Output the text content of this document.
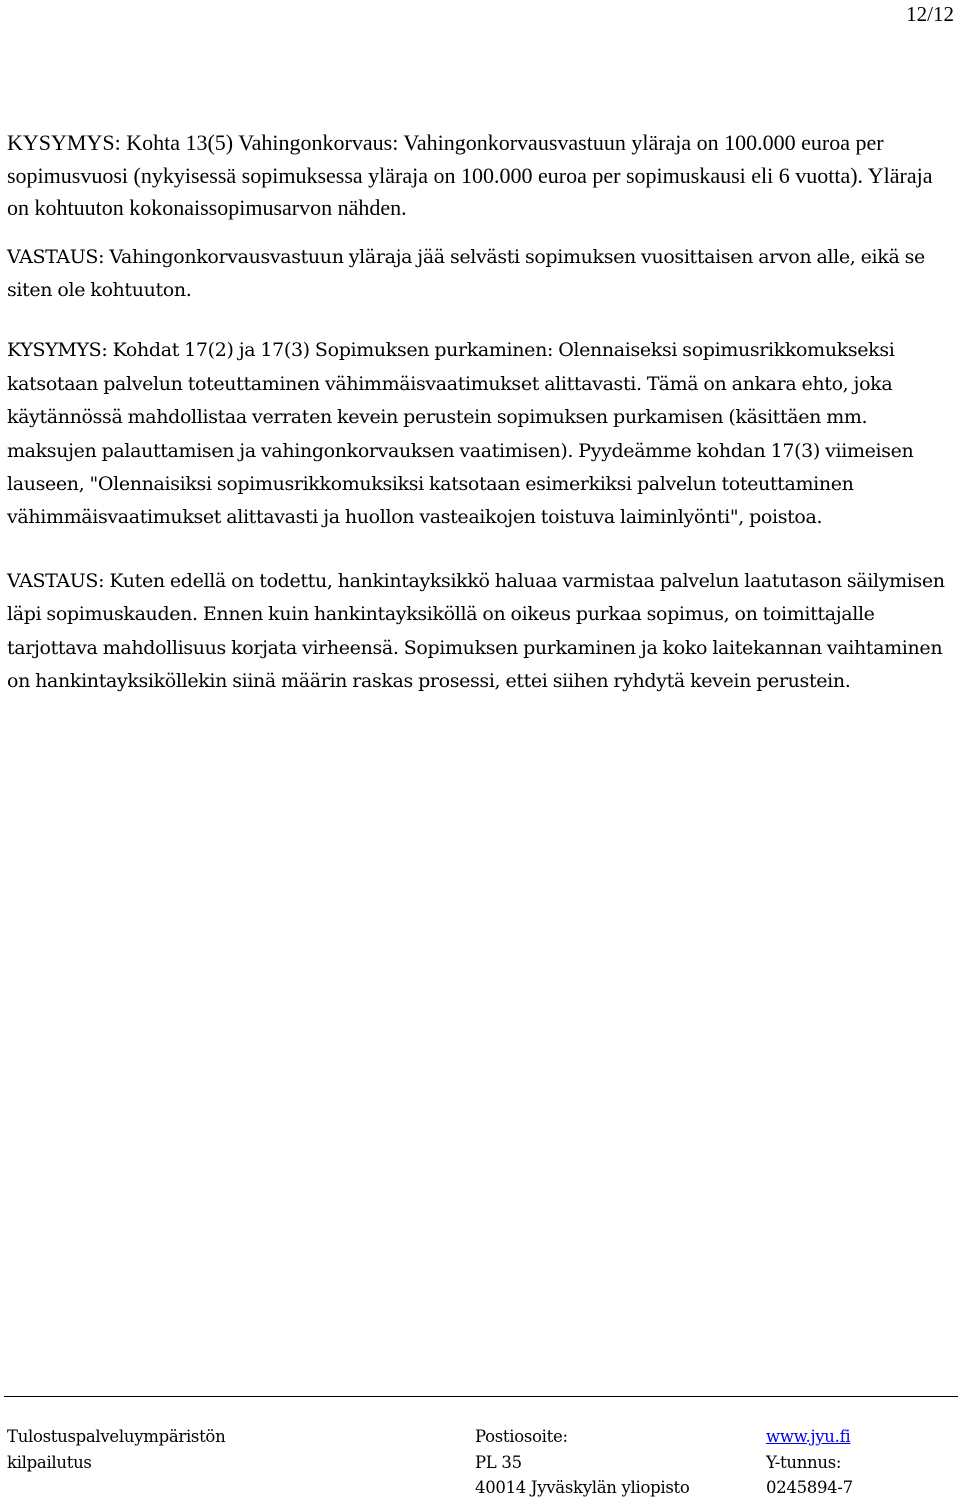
12/12

KYSYMYS: Kohta 13(5) Vahingonkorvaus: Vahingonkorvausvastuun yläraja on 100.000 euroa per sopimusvuosi (nykyisessä sopimuksessa yläraja on 100.000 euroa per sopimuskausi eli 6 vuotta). Yläraja on kohtuuton kokonaissopimusarvon nähden.

VASTAUS: Vahingonkorvausvastuun yläraja jää selvästi sopimuksen vuosittaisen arvon alle, eikä se siten ole kohtuuton.

KYSYMYS: Kohdat 17(2) ja 17(3) Sopimuksen purkaminen: Olennaiseksi sopimusrikkomukseksi katsotaan palvelun toteuttaminen vähimmäisvaatimukset alittavasti. Tämä on ankara ehto, joka käytännössä mahdollistaa verraten kevein perustein sopimuksen purkamisen (käsittäen mm. maksujen palauttamisen ja vahingonkorvauksen vaatimisen). Pyydeämme kohdan 17(3) viimeisen lauseen, "Olennaisiksi sopimusrikkomuksiksi katsotaan esimerkiksi palvelun toteuttaminen vähimmäisvaatimukset alittavasti ja huollon vasteaikojen toistuva laiminlyönti", poistoa.

VASTAUS: Kuten edellä on todettu, hankintayksikkö haluaa varmistaa palvelun laatutason säilymisen läpi sopimuskauden. Ennen kuin hankintayksiköllä on oikeus purkaa sopimus, on toimittajalle tarjottava mahdollisuus korjata virheensä. Sopimuksen purkaminen ja koko laitekannan vaihtaminen on hankintayksiköllekin siinä määrin raskas prosessi, ettei siihen ryhdytä kevein perustein.

Tulostuspalveluympäristön
kilpailutus
Postiosoite:
PL 35
40014 Jyväskylän yliopisto
www.jyu.fi
Y-tunnus:
0245894-7
